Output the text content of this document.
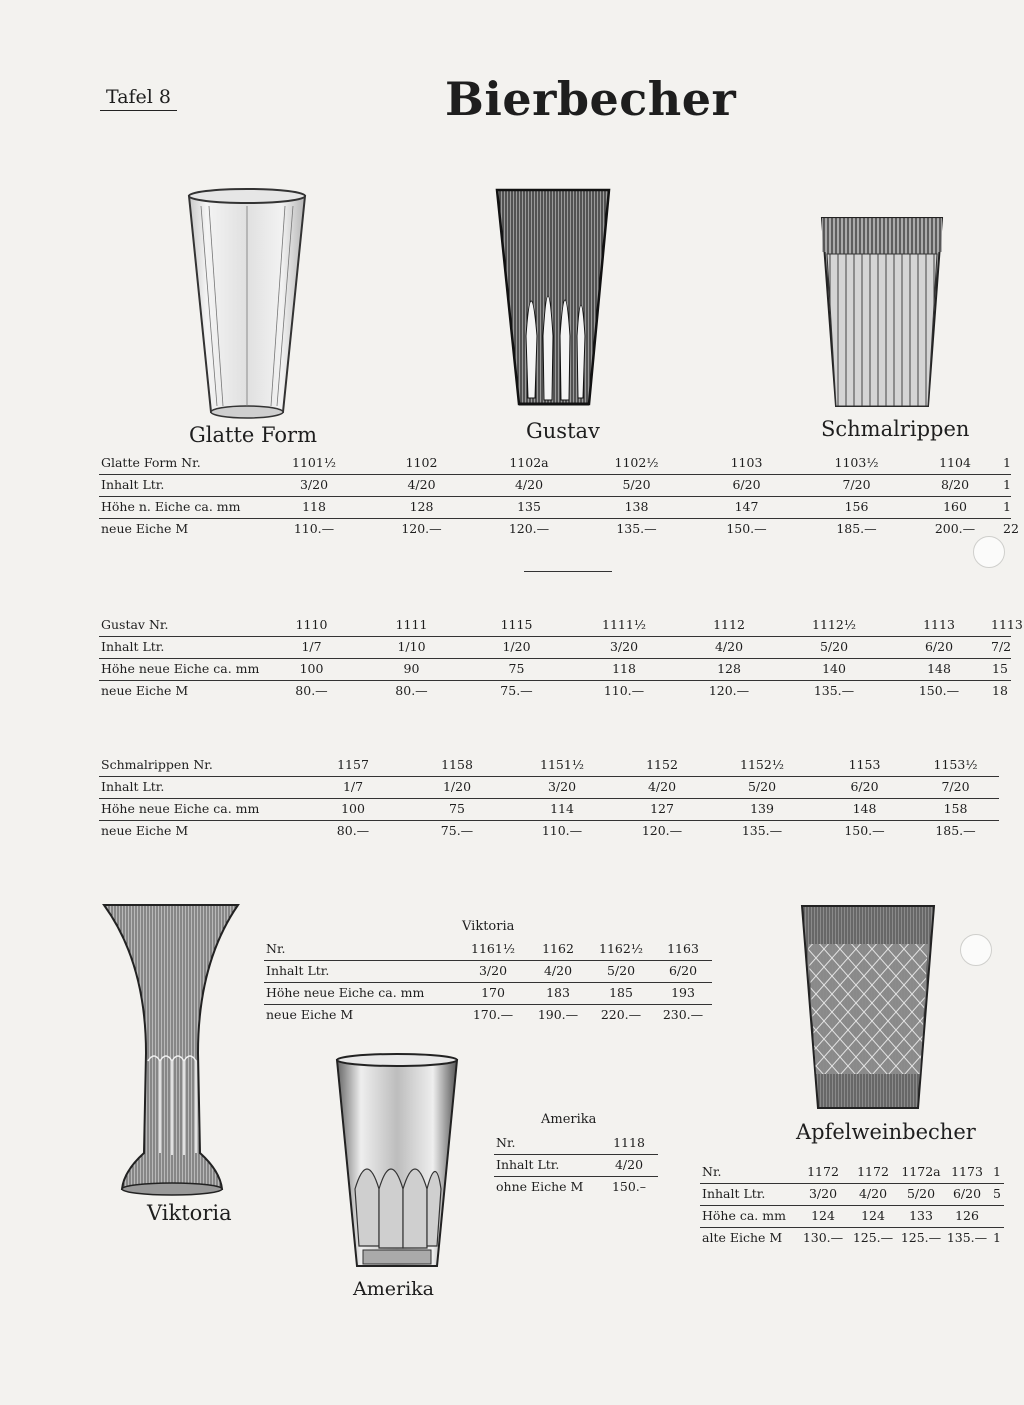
Tafel 8	Bierbecher
Glatte Form	Gustav	Schmalrippen
Viktoria
Amerika
Apfelweinbecher
Glatte Form Nr.	1101½	1102	1102a	1102½	1103	1103½	1104	1
Inhalt Ltr.	3/20	4/20	4/20	5/20	6/20	7/20	8/20	1
Höhe n. Eiche ca. mm	118	128	135	138	147	156	160	1
neue Eiche M	110.—	120.—	120.—	135.—	150.—	185.—	200.—	22
Gustav Nr.	1110	1111	1115	1111½	1112	1112½	1113	1113
Inhalt Ltr.	1/7	1/10	1/20	3/20	4/20	5/20	6/20	7/2
Höhe neue Eiche ca. mm	100	90	75	118	128	140	148	15
neue Eiche M	80.—	80.—	75.—	110.—	120.—	135.—	150.—	18
Schmalrippen Nr.	1157	1158	1151½	1152	1152½	1153	1153½
Inhalt Ltr.	1/7	1/20	3/20	4/20	5/20	6/20	7/20
Höhe neue Eiche ca. mm	100	75	114	127	139	148	158
neue Eiche M	80.—	75.—	110.—	120.—	135.—	150.—	185.—
Viktoria
Nr.	1161½	1162	1162½	1163
Inhalt Ltr.	3/20	4/20	5/20	6/20
Höhe neue Eiche ca. mm	170	183	185	193
neue Eiche M	170.—	190.—	220.—	230.—
Amerika
Nr.	1118
Inhalt Ltr.	4/20
ohne Eiche M	150.–
Nr.	1172	1172	1172a	1173	1
Inhalt Ltr.	3/20	4/20	5/20	6/20	5
Höhe ca. mm	124	124	133	126	
alte Eiche M	130.—	125.—	125.—	135.—	1
